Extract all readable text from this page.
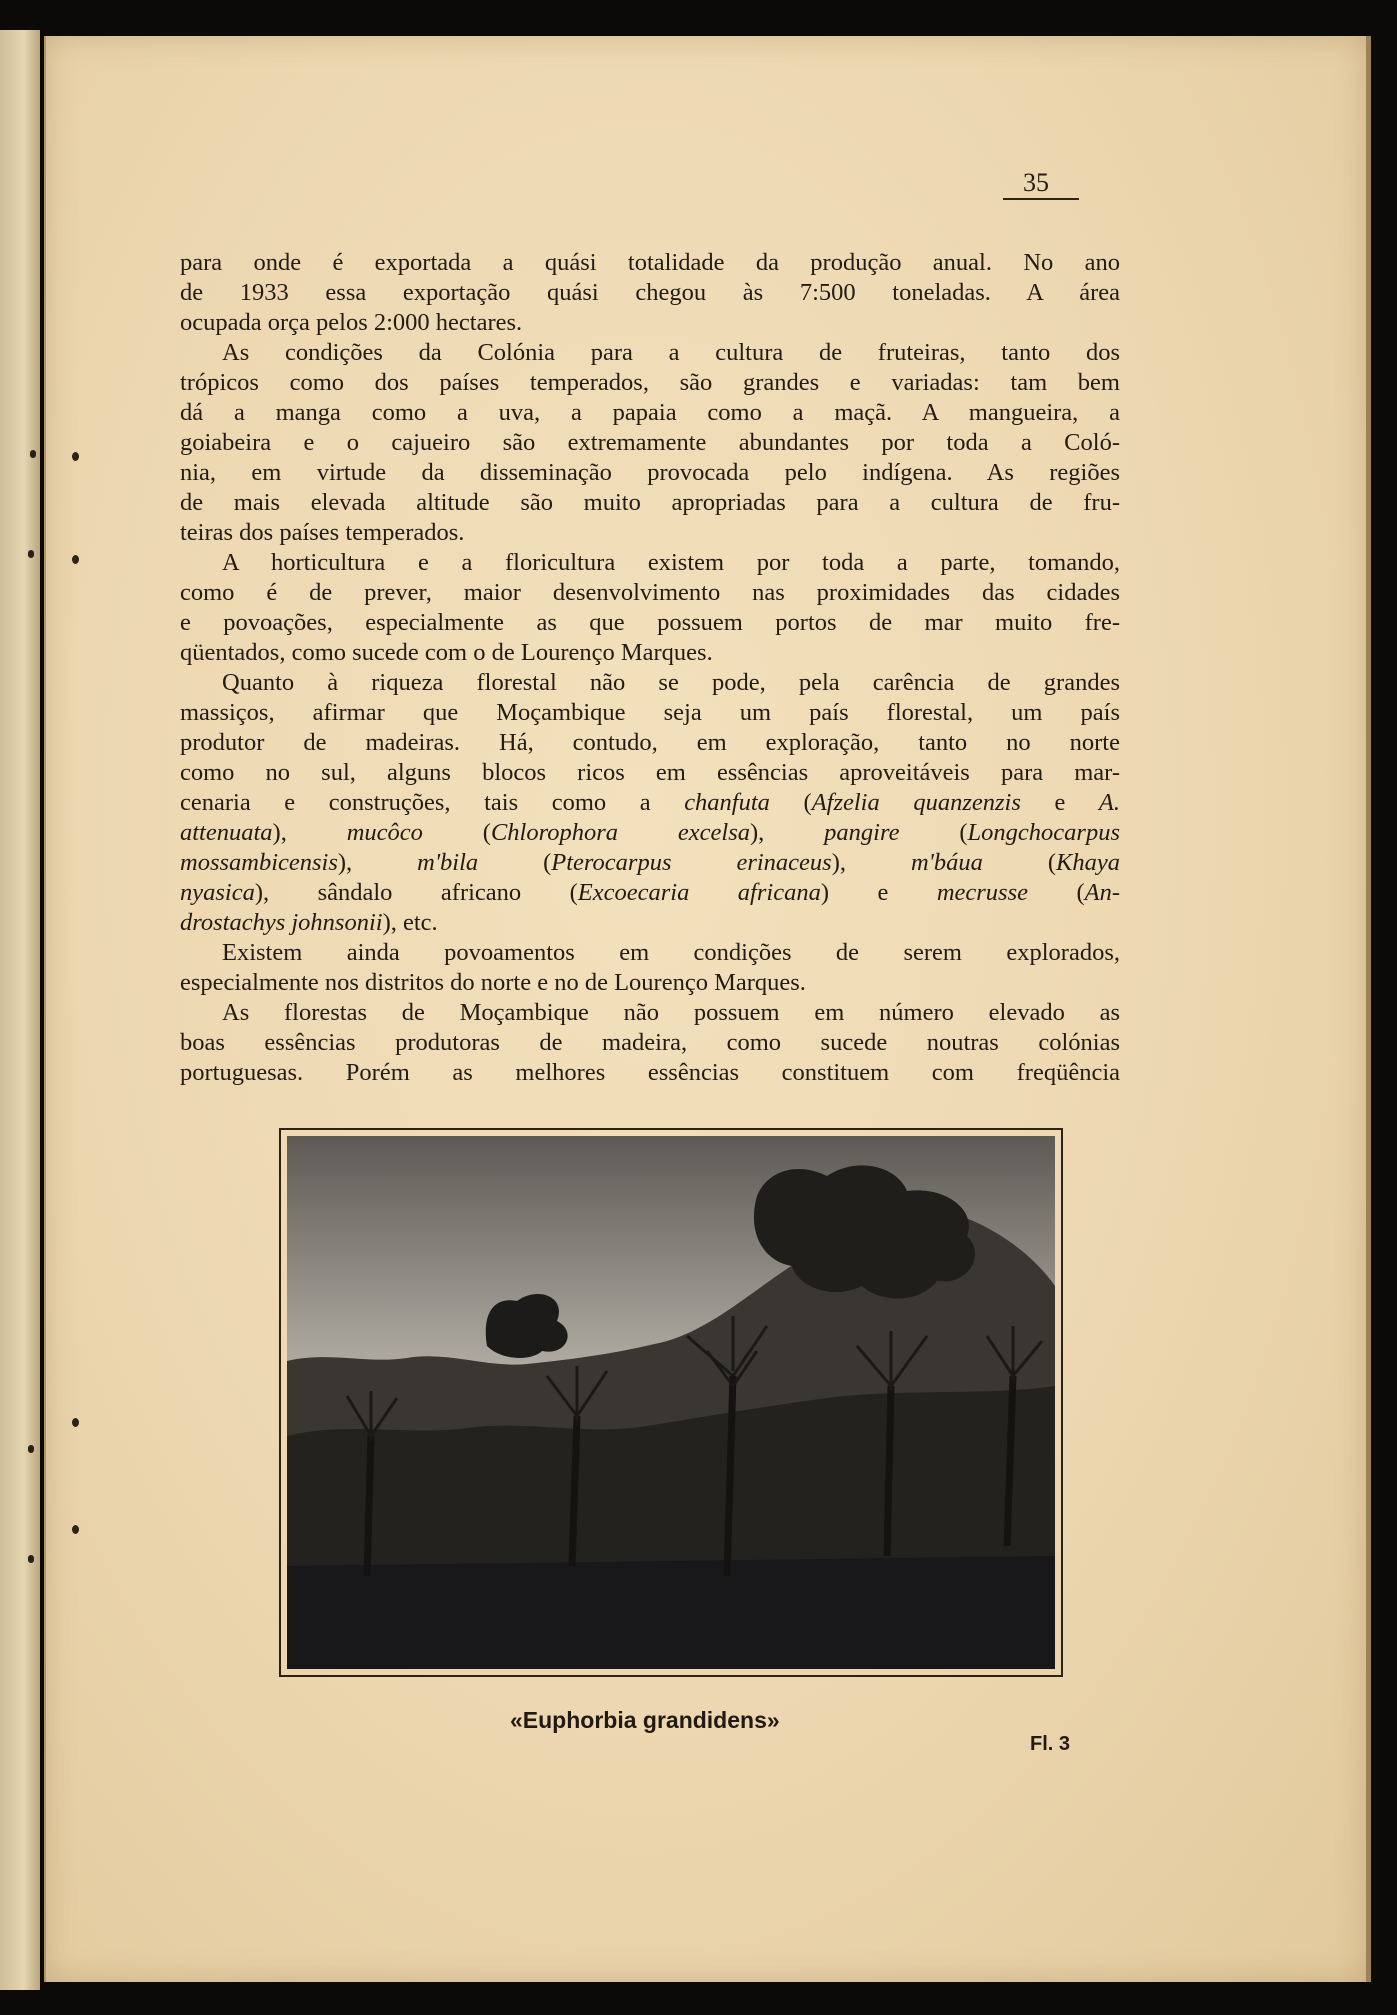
35
para onde é exportada a quási totalidade da produção anual. No ano
de 1933 essa exportação quási chegou às 7:500 toneladas. A área
ocupada orça pelos 2:000 hectares.
As condições da Colónia para a cultura de fruteiras, tanto dos
trópicos como dos países temperados, são grandes e variadas: tam bem
dá a manga como a uva, a papaia como a maçã. A mangueira, a
goiabeira e o cajueiro são extremamente abundantes por toda a Coló-
nia, em virtude da disseminação provocada pelo indígena. As regiões
de mais elevada altitude são muito apropriadas para a cultura de fru-
teiras dos países temperados.
A horticultura e a floricultura existem por toda a parte, tomando,
como é de prever, maior desenvolvimento nas proximidades das cidades
e povoações, especialmente as que possuem portos de mar muito fre-
qüentados, como sucede com o de Lourenço Marques.
Quanto à riqueza florestal não se pode, pela carência de grandes
massiços, afirmar que Moçambique seja um país florestal, um país
produtor de madeiras. Há, contudo, em exploração, tanto no norte
como no sul, alguns blocos ricos em essências aproveitáveis para mar-
cenaria e construções, tais como a chanfuta (Afzelia quanzenzis e A.
attenuata), mucôco (Chlorophora excelsa), pangire (Longchocarpus
mossambicensis), m'bila (Pterocarpus erinaceus), m'báua (Khaya
nyasica), sândalo africano (Excoecaria africana) e mecrusse (An-
drostachys johnsonii), etc.
Existem ainda povoamentos em condições de serem explorados,
especialmente nos distritos do norte e no de Lourenço Marques.
As florestas de Moçambique não possuem em número elevado as
boas essências produtoras de madeira, como sucede noutras colónias
portuguesas. Porém as melhores essências constituem com freqüência
«Euphorbia grandidens»
Fl. 3
